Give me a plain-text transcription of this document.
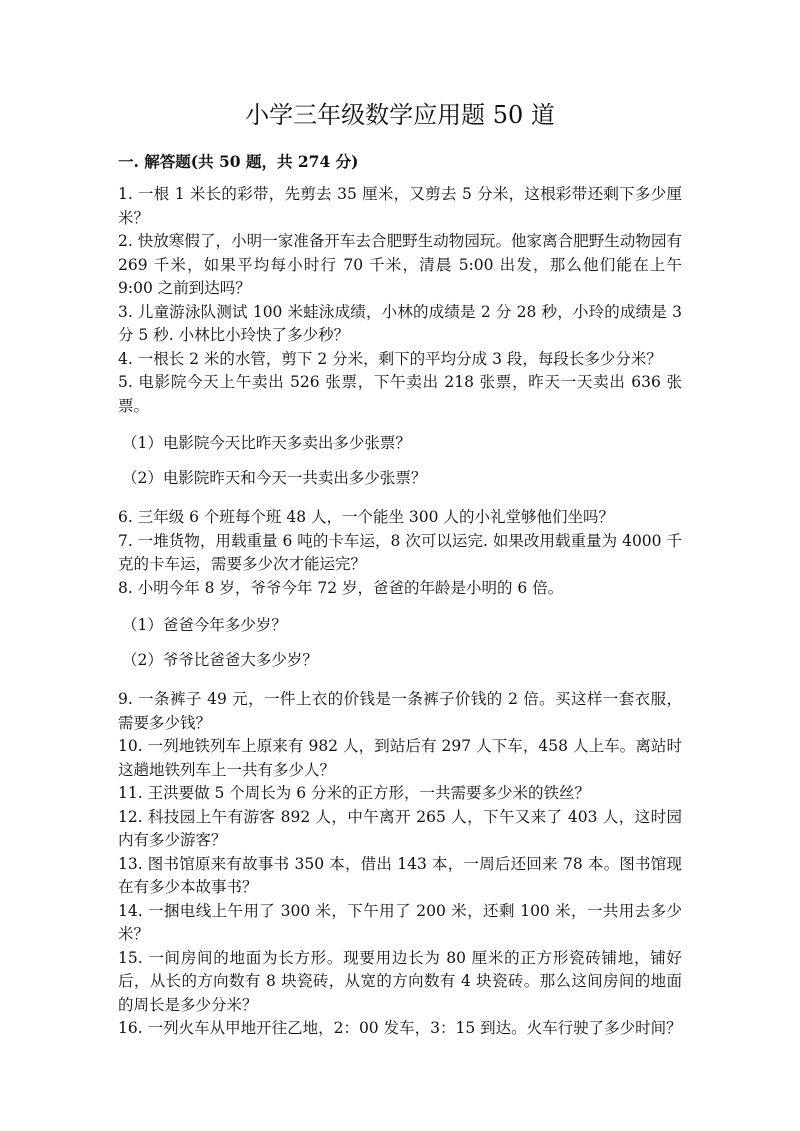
小学三年级数学应用题 50 道
一. 解答题(共 50 题，共 274 分)

1. 一根 1 米长的彩带，先剪去 35 厘米，又剪去 5 分米，这根彩带还剩下多少厘米？

2. 快放寒假了，小明一家准备开车去合肥野生动物园玩。他家离合肥野生动物园有 269 千米，如果平均每小时行 70 千米，清晨 5:00 出发，那么他们能在上午 9:00 之前到达吗？

3. 儿童游泳队测试 100 米蛙泳成绩，小林的成绩是 2 分 28 秒，小玲的成绩是 3 分 5 秒. 小林比小玲快了多少秒？

4. 一根长 2 米的水管，剪下 2 分米，剩下的平均分成 3 段，每段长多少分米？

5. 电影院今天上午卖出 526 张票，下午卖出 218 张票，昨天一天卖出 636 张票。

（1）电影院今天比昨天多卖出多少张票？

（2）电影院昨天和今天一共卖出多少张票？

6. 三年级 6 个班每个班 48 人，一个能坐 300 人的小礼堂够他们坐吗？

7. 一堆货物，用载重量 6 吨的卡车运，8 次可以运完. 如果改用载重量为 4000 千克的卡车运，需要多少次才能运完？

8. 小明今年 8 岁，爷爷今年 72 岁，爸爸的年龄是小明的 6 倍。

（1）爸爸今年多少岁？

（2）爷爷比爸爸大多少岁？

9. 一条裤子 49 元，一件上衣的价钱是一条裤子价钱的 2 倍。买这样一套衣服，需要多少钱？

10. 一列地铁列车上原来有 982 人，到站后有 297 人下车，458 人上车。离站时这趟地铁列车上一共有多少人？

11. 王洪要做 5 个周长为 6 分米的正方形，一共需要多少米的铁丝？

12. 科技园上午有游客 892 人，中午离开 265 人，下午又来了 403 人，这时园内有多少游客？

13. 图书馆原来有故事书 350 本，借出 143 本，一周后还回来 78 本。图书馆现在有多少本故事书？

14. 一捆电线上午用了 300 米，下午用了 200 米，还剩 100 米，一共用去多少米？

15. 一间房间的地面为长方形。现要用边长为 80 厘米的正方形瓷砖铺地，铺好后，从长的方向数有 8 块瓷砖，从宽的方向数有 4 块瓷砖。那么这间房间的地面的周长是多少分米？

16. 一列火车从甲地开往乙地，2：00 发车，3：15 到达。火车行驶了多少时间？
